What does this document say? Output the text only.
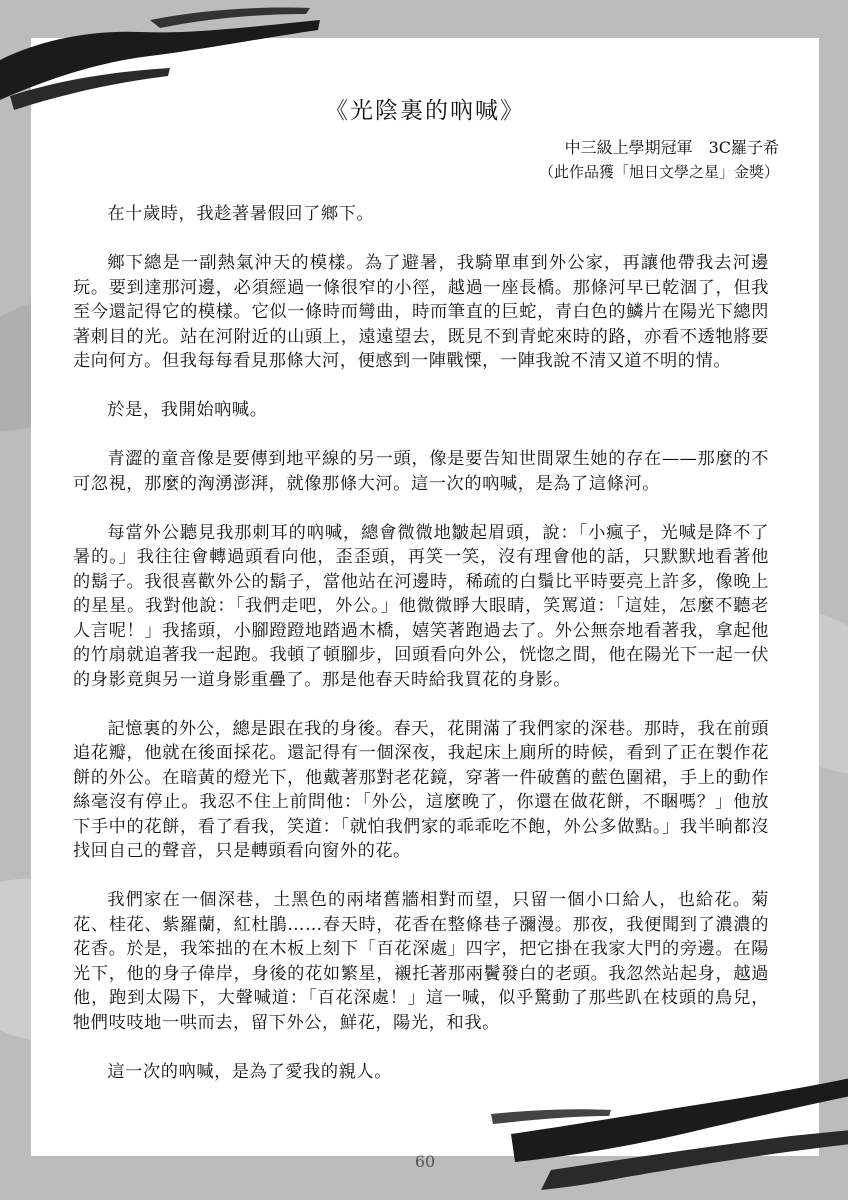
《光陰裏的吶喊》
中三級上學期冠軍　3C羅子希
（此作品獲「旭日文學之星」金獎）

在十歲時，我趁著暑假回了鄉下。

鄉下總是一副熱氣沖天的模樣。為了避暑，我騎單車到外公家，再讓他帶我去河邊玩。要到達那河邊，必須經過一條很窄的小徑，越過一座長橋。那條河早已乾涸了，但我至今還記得它的模樣。它似一條時而彎曲，時而筆直的巨蛇，青白色的鱗片在陽光下總閃著刺目的光。站在河附近的山頭上，遠遠望去，既見不到青蛇來時的路，亦看不透牠將要走向何方。但我每每看見那條大河，便感到一陣戰慄，一陣我說不清又道不明的情。

於是，我開始吶喊。

青澀的童音像是要傳到地平線的另一頭，像是要告知世間眾生她的存在——那麼的不可忽視，那麼的洶湧澎湃，就像那條大河。這一次的吶喊，是為了這條河。

每當外公聽見我那刺耳的吶喊，總會微微地皺起眉頭，說：「小瘋子，光喊是降不了暑的。」我往往會轉過頭看向他，歪歪頭，再笑一笑，沒有理會他的話，只默默地看著他的鬍子。我很喜歡外公的鬍子，當他站在河邊時，稀疏的白鬚比平時要亮上許多，像晚上的星星。我對他說：「我們走吧，外公。」他微微睜大眼睛，笑罵道：「這娃，怎麼不聽老人言呢！」我搖頭，小腳蹬蹬地踏過木橋，嬉笑著跑過去了。外公無奈地看著我，拿起他的竹扇就追著我一起跑。我頓了頓腳步，回頭看向外公，恍惚之間，他在陽光下一起一伏的身影竟與另一道身影重疊了。那是他春天時給我買花的身影。

記憶裏的外公，總是跟在我的身後。春天，花開滿了我們家的深巷。那時，我在前頭追花瓣，他就在後面採花。還記得有一個深夜，我起床上廁所的時候，看到了正在製作花餅的外公。在暗黃的燈光下，他戴著那對老花鏡，穿著一件破舊的藍色圍裙，手上的動作絲毫沒有停止。我忍不住上前問他：「外公，這麼晚了，你還在做花餅，不睏嗎？」他放下手中的花餅，看了看我，笑道：「就怕我們家的乖乖吃不飽，外公多做點。」我半晌都沒找回自己的聲音，只是轉頭看向窗外的花。

我們家在一個深巷，土黑色的兩堵舊牆相對而望，只留一個小口給人，也給花。菊花、桂花、紫羅蘭，紅杜鵑……春天時，花香在整條巷子瀰漫。那夜，我便聞到了濃濃的花香。於是，我笨拙的在木板上刻下「百花深處」四字，把它掛在我家大門的旁邊。在陽光下，他的身子偉岸，身後的花如繁星，襯托著那兩鬢發白的老頭。我忽然站起身，越過他，跑到太陽下，大聲喊道：「百花深處！」這一喊，似乎驚動了那些趴在枝頭的鳥兒，牠們吱吱地一哄而去，留下外公，鮮花，陽光，和我。

這一次的吶喊，是為了愛我的親人。

60
